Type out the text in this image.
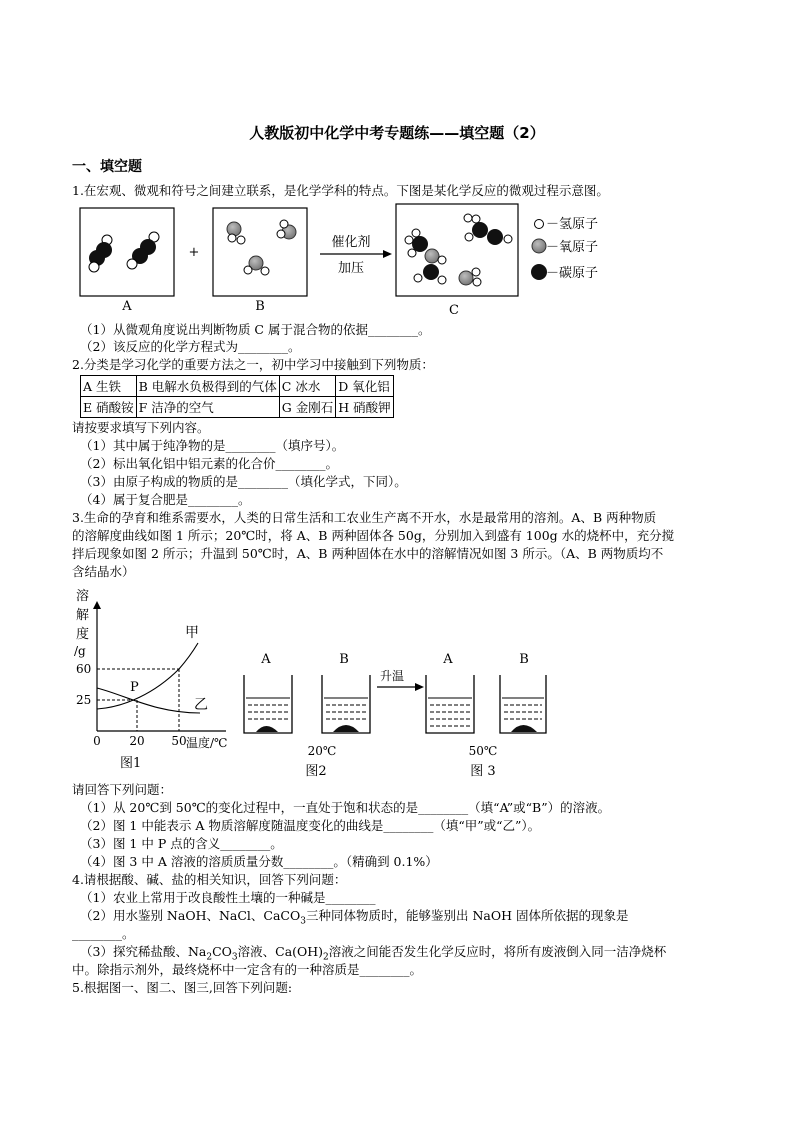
人教版初中化学中考专题练——填空题（2）
一、填空题
1.在宏观、微观和符号之间建立联系，是化学学科的特点。下图是某化学反应的微观过程示意图。
A
+
B
催化剂
加压
C
－氢原子
－氧原子
－碳原子
（1）从微观角度说出判断物质 C 属于混合物的依据________。
（2）该反应的化学方程式为________。
2.分类是学习化学的重要方法之一，初中学习中接触到下列物质：
A 生铁	B 电解水负极得到的气体	C 冰水	D 氧化铝
E 硝酸铵	F 洁净的空气	G 金刚石	H 硝酸钾
请按要求填写下列内容。
（1）其中属于纯净物的是________（填序号）。
（2）标出氧化铝中铝元素的化合价________。
（3）由原子构成的物质的是________（填化学式，下同）。
（4）属于复合肥是________。
3.生命的孕育和维系需要水，人类的日常生活和工农业生产离不开水，水是最常用的溶剂。A、B 两种物质
的溶解度曲线如图 1 所示；20℃时，将 A、B 两种固体各 50g，分别加入到盛有 100g 水的烧杯中，充分搅
拌后现象如图 2 所示；升温到 50℃时，A、B 两种固体在水中的溶解情况如图 3 所示。（A、B 两物质均不
含结晶水）
溶
解
度
/g
60
25
0 20 50 温度/℃
甲
乙
P
图1
A	B
20℃
图2
升温
A	B
50℃
图 3
请回答下列问题：
（1）从 20℃到 50℃的变化过程中，一直处于饱和状态的是________（填“A”或“B”）的溶液。
（2）图 1 中能表示 A 物质溶解度随温度变化的曲线是________（填“甲”或“乙”）。
（3）图 1 中 P 点的含义________。
（4）图 3 中 A 溶液的溶质质量分数________。（精确到 0.1%）
4.请根据酸、碱、盐的相关知识，回答下列问题：
（1）农业上常用于改良酸性土壤的一种碱是________
（2）用水鉴别 NaOH、NaCl、CaCO$_3$三种同体物质时，能够鉴别出 NaOH 固体所依据的现象是
________。
（3）探究稀盐酸、$Na_2CO_3$溶液、$Ca(OH)_2$溶液之间能否发生化学反应时，将所有废液倒入同一洁净烧杯
中。除指示剂外，最终烧杯中一定含有的一种溶质是________。
5.根据图一、图二、图三,回答下列问题:
